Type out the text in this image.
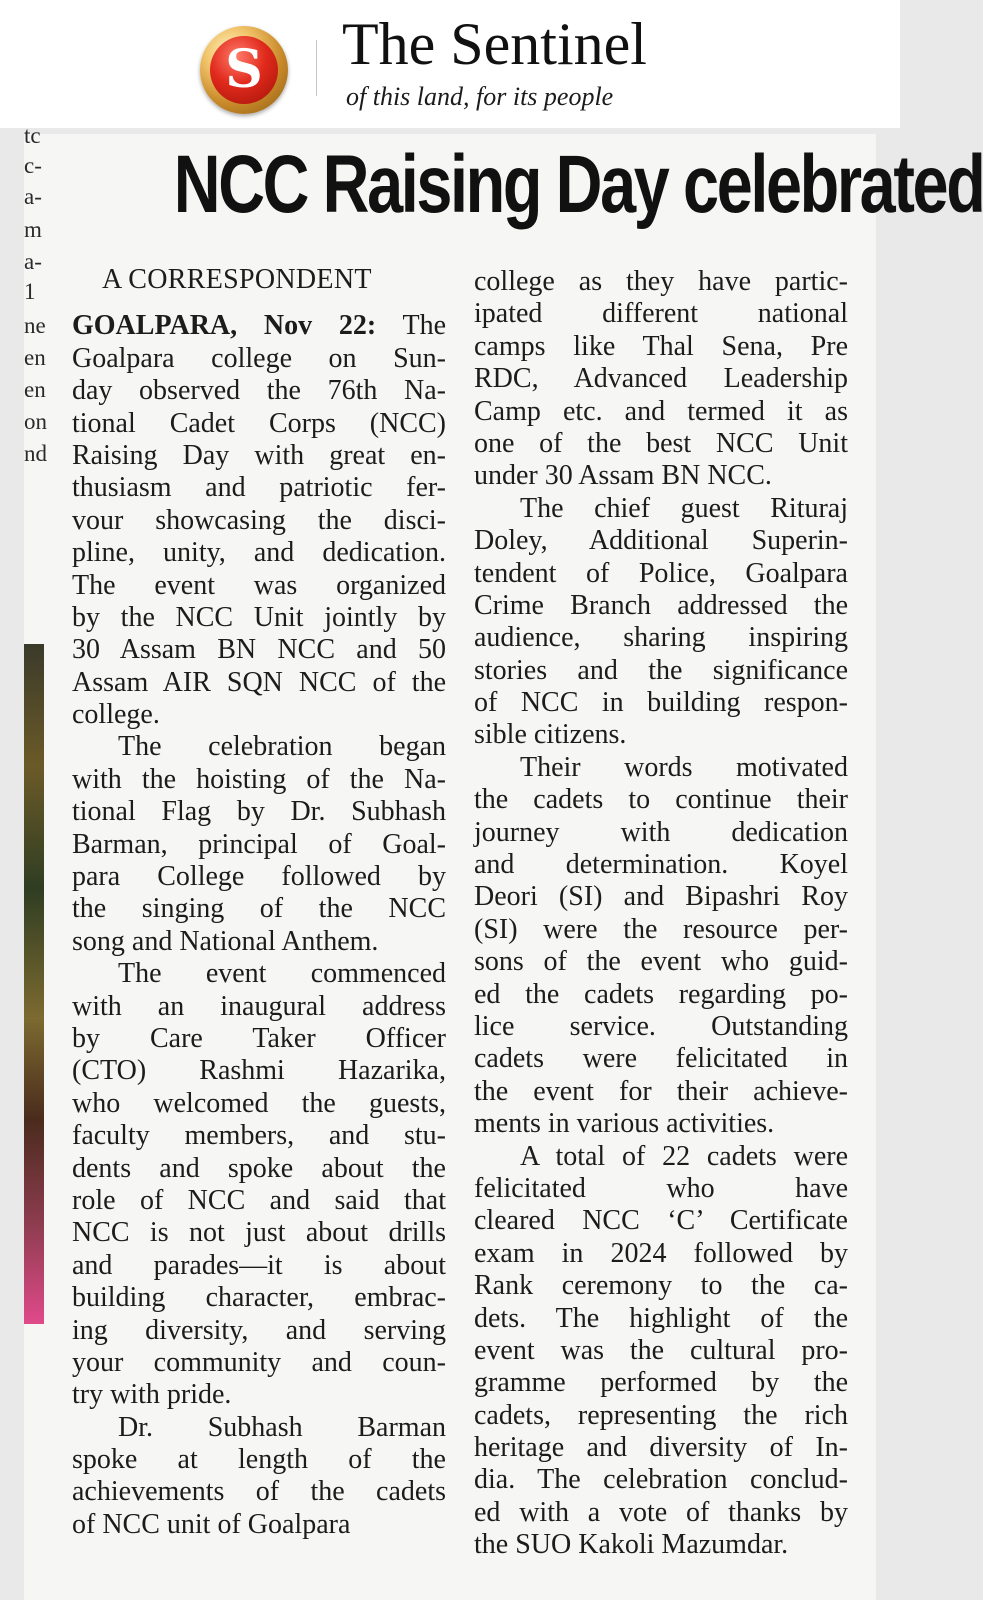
S The Sentinel
of this land, for its people
tc
c-
a-
m
a-
1
ne
en
en
on
nd
NCC Raising Day celebrated
A CORRESPONDENT
GOALPARA, Nov 22: The
Goalpara college on Sun-
day observed the 76th Na-
tional Cadet Corps (NCC)
Raising Day with great en-
thusiasm and patriotic fer-
vour showcasing the disci-
pline, unity, and dedication.
The event was organized
by the NCC Unit jointly by
30 Assam BN NCC and 50
Assam AIR SQN NCC of the
college.
The celebration began
with the hoisting of the Na-
tional Flag by Dr. Subhash
Barman, principal of Goal-
para College followed by
the singing of the NCC
song and National Anthem.
The event commenced
with an inaugural address
by Care Taker Officer
(CTO) Rashmi Hazarika,
who welcomed the guests,
faculty members, and stu-
dents and spoke about the
role of NCC and said that
NCC is not just about drills
and parades—it is about
building character, embrac-
ing diversity, and serving
your community and coun-
try with pride.
Dr. Subhash Barman
spoke at length of the
achievements of the cadets
of NCC unit of Goalpara
college as they have partic-
ipated different national
camps like Thal Sena, Pre
RDC, Advanced Leadership
Camp etc. and termed it as
one of the best NCC Unit
under 30 Assam BN NCC.
The chief guest Rituraj
Doley, Additional Superin-
tendent of Police, Goalpara
Crime Branch addressed the
audience, sharing inspiring
stories and the significance
of NCC in building respon-
sible citizens.
Their words motivated
the cadets to continue their
journey with dedication
and determination. Koyel
Deori (SI) and Bipashri Roy
(SI) were the resource per-
sons of the event who guid-
ed the cadets regarding po-
lice service. Outstanding
cadets were felicitated in
the event for their achieve-
ments in various activities.
A total of 22 cadets were
felicitated who have
cleared NCC ‘C’ Certificate
exam in 2024 followed by
Rank ceremony to the ca-
dets. The highlight of the
event was the cultural pro-
gramme performed by the
cadets, representing the rich
heritage and diversity of In-
dia. The celebration conclud-
ed with a vote of thanks by
the SUO Kakoli Mazumdar.
